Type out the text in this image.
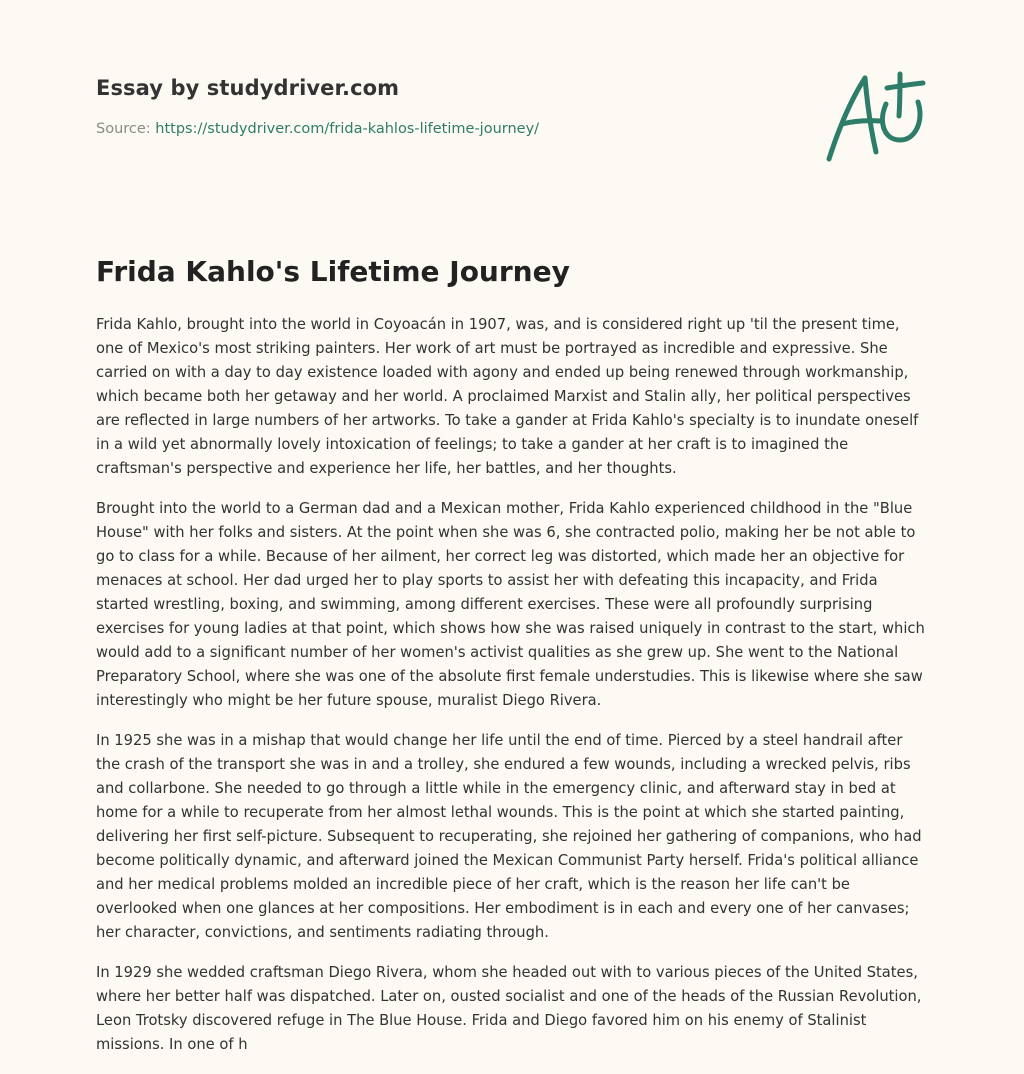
Essay by studydriver.com
Source: https://studydriver.com/frida-kahlos-lifetime-journey/
Frida Kahlo's Lifetime Journey

Frida Kahlo, brought into the world in Coyoacán in 1907, was, and is considered right up 'til the present time, one of Mexico's most striking painters. Her work of art must be portrayed as incredible and expressive. She carried on with a day to day existence loaded with agony and ended up being renewed through workmanship, which became both her getaway and her world. A proclaimed Marxist and Stalin ally, her political perspectives are reflected in large numbers of her artworks. To take a gander at Frida Kahlo's specialty is to inundate oneself in a wild yet abnormally lovely intoxication of feelings; to take a gander at her craft is to imagined the craftsman's perspective and experience her life, her battles, and her thoughts.

Brought into the world to a German dad and a Mexican mother, Frida Kahlo experienced childhood in the "Blue House" with her folks and sisters. At the point when she was 6, she contracted polio, making her be not able to go to class for a while. Because of her ailment, her correct leg was distorted, which made her an objective for menaces at school. Her dad urged her to play sports to assist her with defeating this incapacity, and Frida started wrestling, boxing, and swimming, among different exercises. These were all profoundly surprising exercises for young ladies at that point, which shows how she was raised uniquely in contrast to the start, which would add to a significant number of her women's activist qualities as she grew up. She went to the National Preparatory School, where she was one of the absolute first female understudies. This is likewise where she saw interestingly who might be her future spouse, muralist Diego Rivera.

In 1925 she was in a mishap that would change her life until the end of time. Pierced by a steel handrail after the crash of the transport she was in and a trolley, she endured a few wounds, including a wrecked pelvis, ribs and collarbone. She needed to go through a little while in the emergency clinic, and afterward stay in bed at home for a while to recuperate from her almost lethal wounds. This is the point at which she started painting, delivering her first self-picture. Subsequent to recuperating, she rejoined her gathering of companions, who had become politically dynamic, and afterward joined the Mexican Communist Party herself. Frida's political alliance and her medical problems molded an incredible piece of her craft, which is the reason her life can't be overlooked when one glances at her compositions. Her embodiment is in each and every one of her canvases; her character, convictions, and sentiments radiating through.

In 1929 she wedded craftsman Diego Rivera, whom she headed out with to various pieces of the United States, where her better half was dispatched. Later on, ousted socialist and one of the heads of the Russian Revolution, Leon Trotsky discovered refuge in The Blue House. Frida and Diego favored him on his enemy of Stalinist missions. In one of h
